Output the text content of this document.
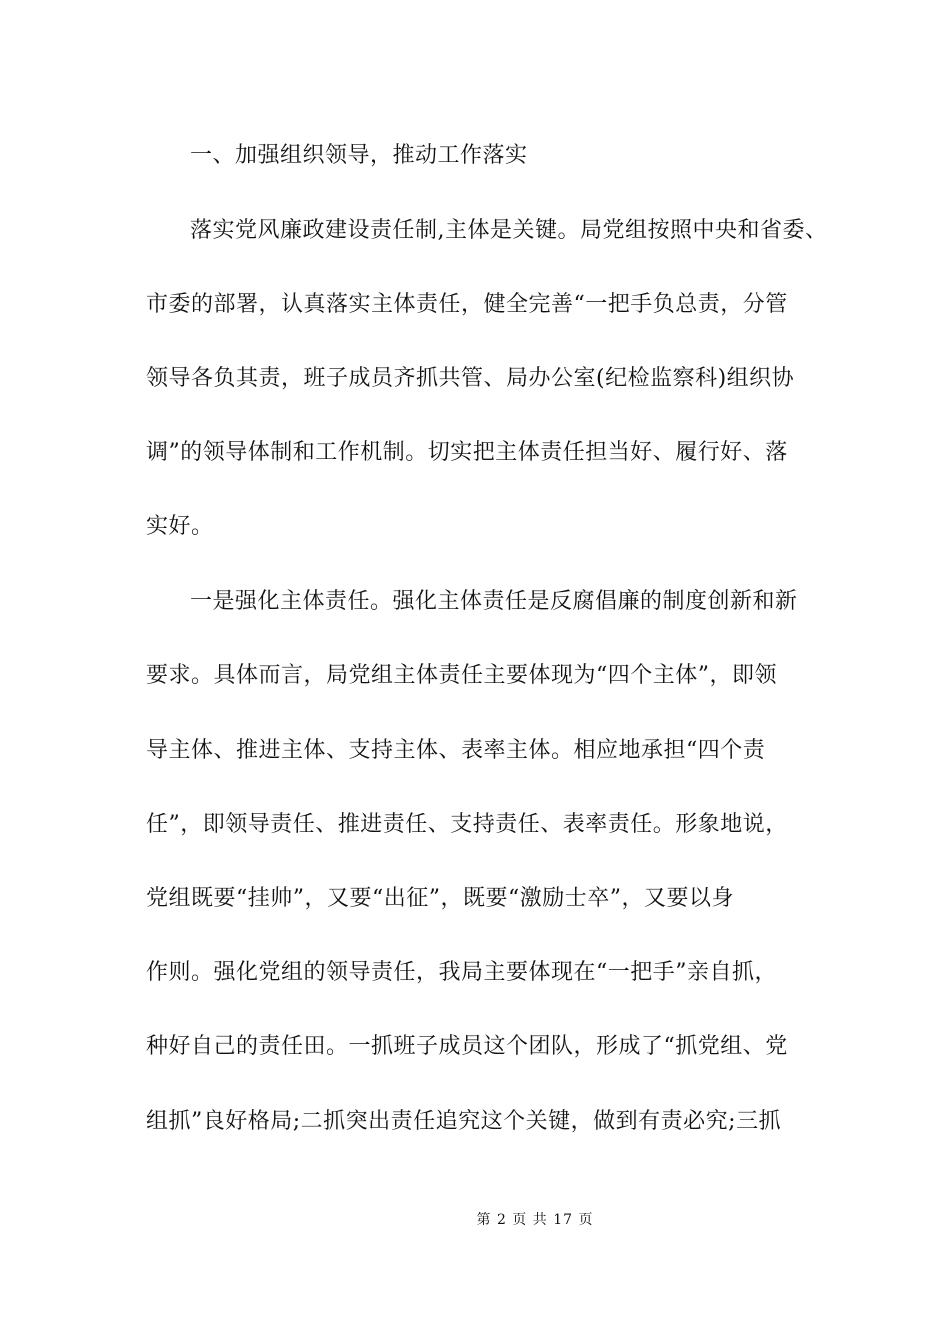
一、加强组织领导，推动工作落实
落实党风廉政建设责任制,主体是关键。局党组按照中央和省委、
市委的部署，认真落实主体责任，健全完善“一把手负总责，分管
领导各负其责，班子成员齐抓共管、局办公室(纪检监察科)组织协
调”的领导体制和工作机制。切实把主体责任担当好、履行好、落
实好。
一是强化主体责任。强化主体责任是反腐倡廉的制度创新和新
要求。具体而言，局党组主体责任主要体现为“四个主体”，即领
导主体、推进主体、支持主体、表率主体。相应地承担“四个责
任”，即领导责任、推进责任、支持责任、表率责任。形象地说，
党组既要“挂帅”，又要“出征”，既要“激励士卒”，又要以身
作则。强化党组的领导责任，我局主要体现在“一把手”亲自抓，
种好自己的责任田。一抓班子成员这个团队，形成了“抓党组、党
组抓”良好格局;二抓突出责任追究这个关键，做到有责必究;三抓
第 2 页 共 17 页
